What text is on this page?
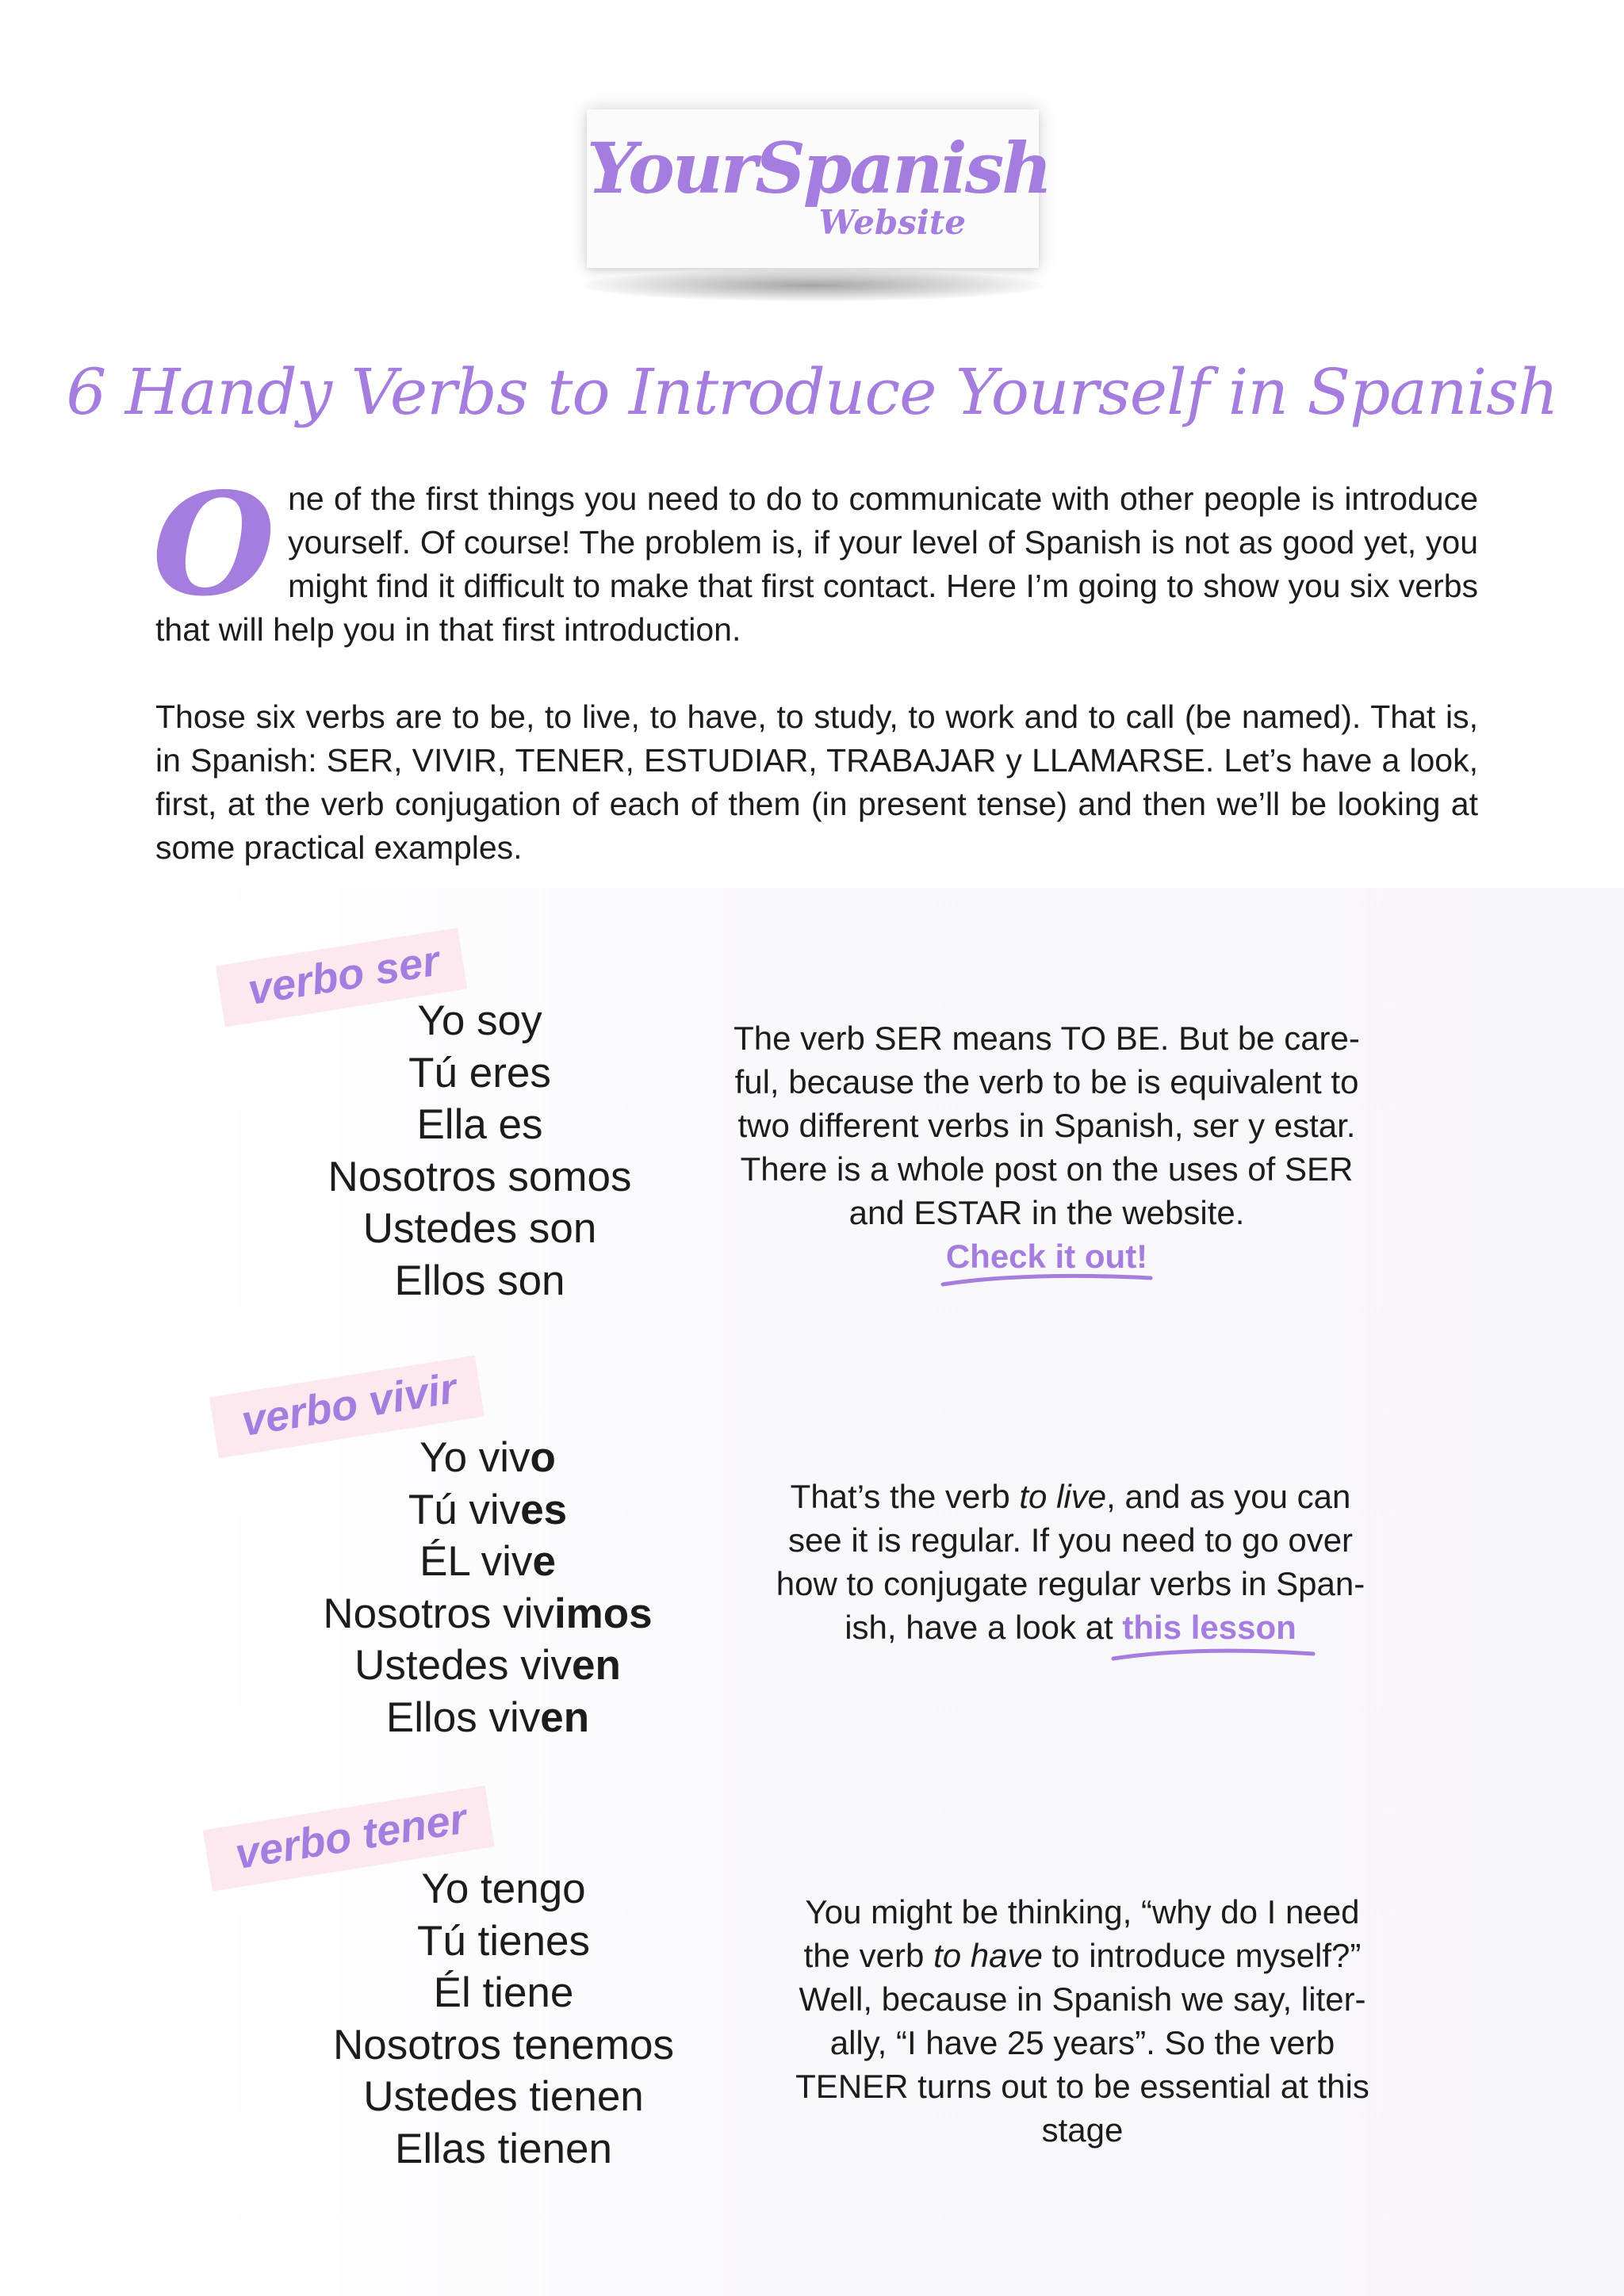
YourSpanish
Website
6 Handy Verbs to Introduce Yourself in Spanish

One of the first things you need to do to communicate with other people is introduce yourself. Of course! The problem is, if your level of Spanish is not as good yet, you might find it difficult to make that first contact. Here I’m going to show you six verbs that will help you in that first introduction.

Those six verbs are to be, to live, to have, to study, to work and to call (be named). That is, in Spanish: SER, VIVIR, TENER, ESTUDIAR, TRABAJAR y LLAMARSE. Let’s have a look, first, at the verb conjugation of each of them (in present tense) and then we’ll be looking at some practical examples.

verbo ser
Yo soy
Tú eres
Ella es
Nosotros somos
Ustedes son
Ellos son
The verb SER means TO BE. But be care-
ful, because the verb to be is equivalent to
two different verbs in Spanish, ser y estar.
There is a whole post on the uses of SER
and ESTAR in the website.
Check it out!
verbo vivir
Yo vivo
Tú vives
ÉL vive
Nosotros vivimos
Ustedes viven
Ellos viven
That’s the verb to live, and as you can
see it is regular. If you need to go over
how to conjugate regular verbs in Span-
ish, have a look at this lesson
verbo tener
Yo tengo
Tú tienes
Él tiene
Nosotros tenemos
Ustedes tienen
Ellas tienen
You might be thinking, “why do I need
the verb to have to introduce myself?”
Well, because in Spanish we say, liter-
ally, “I have 25 years”. So the verb
TENER turns out to be essential at this
stage
